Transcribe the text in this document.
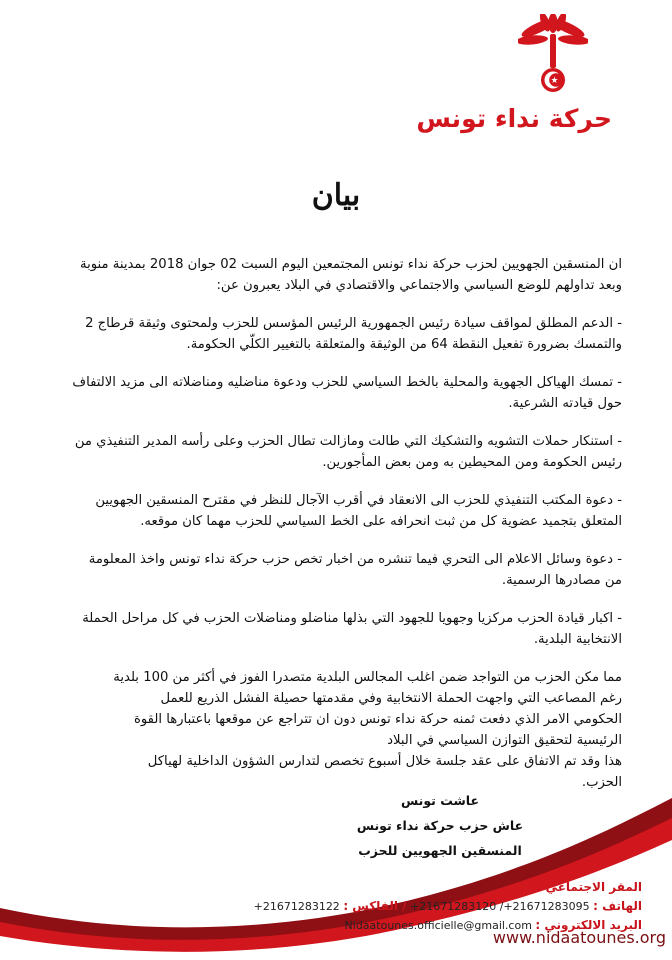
حركة نداء تونس
بيان

ان المنسقين الجهويين لحزب حركة نداء تونس المجتمعين اليوم السبت 02 جوان 2018 بمدينة منوبة وبعد تداولهم للوضع السياسي والاجتماعي والاقتصادي في البلاد يعبرون عن:

- الدعم المطلق لمواقف سيادة رئيس الجمهورية الرئيس المؤسس للحزب ولمحتوى وثيقة قرطاج 2 والتمسك بضرورة تفعيل النقطة 64 من الوثيقة والمتعلقة بالتغيير الكلّي الحكومة.

- تمسك الهياكل الجهوية والمحلية بالخط السياسي للحزب ودعوة مناضليه ومناضلاته الى مزيد الالتفاف حول قيادته الشرعية.

- استنكار حملات التشويه والتشكيك التي طالت ومازالت تطال الحزب وعلى رأسه المدير التنفيذي من رئيس الحكومة ومن المحيطين به ومن بعض المأجورين.

- دعوة المكتب التنفيذي للحزب الى الانعقاد في أقرب الآجال للنظر في مقترح المنسقين الجهويين المتعلق بتجميد عضوية كل من ثبت انحرافه على الخط السياسي للحزب مهما كان موقعه.

- دعوة وسائل الاعلام الى التحري فيما تنشره من اخبار تخص حزب حركة نداء تونس واخذ المعلومة من مصادرها الرسمية.

- اكبار قيادة الحزب مركزيا وجهويا للجهود التي بذلها مناضلو ومناضلات الحزب في كل مراحل الحملة الانتخابية البلدية.

مما مكن الحزب من التواجد ضمن اغلب المجالس البلدية متصدرا الفوز في أكثر من 100 بلدية

رغم المصاعب التي واجهت الحملة الانتخابية وفي مقدمتها حصيلة الفشل الذريع للعمل

الحكومي الامر الذي دفعت ثمنه حركة نداء تونس دون ان تتراجع عن موقعها باعتبارها القوة

الرئيسية لتحقيق التوازن السياسي في البلاد

هذا وقد تم الاتفاق على عقد جلسة خلال أسبوع تخصص لتدارس الشؤون الداخلية لهياكل

الحزب.

عاشت تونس
عاش حزب حركة نداء تونس
المنسقين الجهويين للحزب
المقر الاجتماعي :
الهاتف : +21671283120 /+21671283095 / الفاكس : +21671283122
البريد الالكتروني : Nidaatounes.officielle@gmail.com
www.nidaatounes.org
